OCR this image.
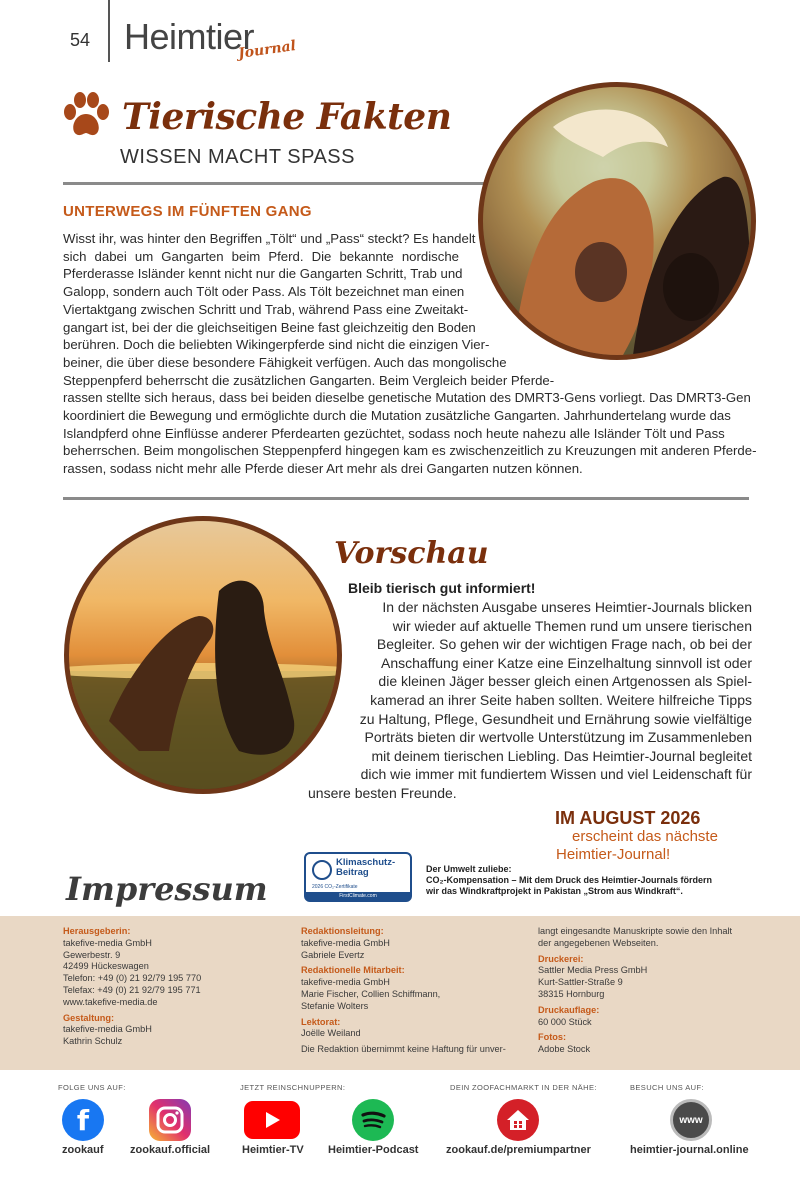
54 Heimtier
Journal
Tierische Fakten
WISSEN MACHT SPASS
UNTERWEGS IM FÜNFTEN GANG
Wisst ihr, was hinter den Begriffen „Tölt“ und „Pass“ steckt? Es handelt
sich dabei um Gangarten beim Pferd. Die bekannte nordische
Pferderasse Isländer kennt nicht nur die Gangarten Schritt, Trab und
Galopp, sondern auch Tölt oder Pass. Als Tölt bezeichnet man einen
Viertaktgang zwischen Schritt und Trab, während Pass eine Zweitakt-
gangart ist, bei der die gleichseitigen Beine fast gleichzeitig den Boden
berühren. Doch die beliebten Wikingerpferde sind nicht die einzigen Vier-
beiner, die über diese besondere Fähigkeit verfügen. Auch das mongolische
Steppenpferd beherrscht die zusätzlichen Gangarten. Beim Vergleich beider Pferde-
rassen stellte sich heraus, dass bei beiden dieselbe genetische Mutation des DMRT3-Gens vorliegt. Das DMRT3-Gen
koordiniert die Bewegung und ermöglichte durch die Mutation zusätzliche Gangarten. Jahrhundertelang wurde das
Islandpferd ohne Einflüsse anderer Pferdearten gezüchtet, sodass noch heute nahezu alle Isländer Tölt und Pass
beherrschen. Beim mongolischen Steppenpferd hingegen kam es zwischenzeitlich zu Kreuzungen mit anderen Pferde-
rassen, sodass nicht mehr alle Pferde dieser Art mehr als drei Gangarten nutzen können.
Vorschau
Bleib tierisch gut informiert!
In der nächsten Ausgabe unseres Heimtier-Journals blicken
wir wieder auf aktuelle Themen rund um unsere tierischen
Begleiter. So gehen wir der wichtigen Frage nach, ob bei der
Anschaffung einer Katze eine Einzelhaltung sinnvoll ist oder
die kleinen Jäger besser gleich einen Artgenossen als Spiel-
kamerad an ihrer Seite haben sollten. Weitere hilfreiche Tipps
zu Haltung, Pflege, Gesundheit und Ernährung sowie vielfältige
Porträts bieten dir wertvolle Unterstützung im Zusammenleben
mit deinem tierischen Liebling. Das Heimtier-Journal begleitet
dich wie immer mit fundiertem Wissen und viel Leidenschaft für
unsere besten Freunde.
IM AUGUST 2026
erscheint das nächste
Heimtier-Journal!
Klimaschutz-
Beitrag
2026 CO₂-Zertifikate
FirstClimate.com
Der Umwelt zuliebe:
CO₂-Kompensation – Mit dem Druck des Heimtier-Journals fördern
wir das Windkraftprojekt in Pakistan „Strom aus Windkraft“.
Impressum
Herausgeberin:
takefive-media GmbH
Gewerbestr. 9
42499 Hückeswagen
Telefon: +49 (0) 21 92/79 195 770
Telefax: +49 (0) 21 92/79 195 771
www.takefive-media.de
Gestaltung:
takefive-media GmbH
Kathrin Schulz
Redaktionsleitung:
takefive-media GmbH
Gabriele Evertz
Redaktionelle Mitarbeit:
takefive-media GmbH
Marie Fischer, Collien Schiffmann,
Stefanie Wolters
Lektorat:
Joëlle Weiland
Die Redaktion übernimmt keine Haftung für unver-
langt eingesandte Manuskripte sowie den Inhalt
der angegebenen Webseiten.
Druckerei:
Sattler Media Press GmbH
Kurt-Sattler-Straße 9
38315 Hornburg
Druckauflage:
60 000 Stück
Fotos:
Adobe Stock
FOLGE UNS AUF:	JETZT REINSCHNUPPERN:	DEIN ZOOFACHMARKT IN DER NÄHE:	BESUCH UNS AUF:
f	www
zookauf zookauf.official	Heimtier-TV Heimtier-Podcast	zookauf.de/premiumpartner	heimtier-journal.online
